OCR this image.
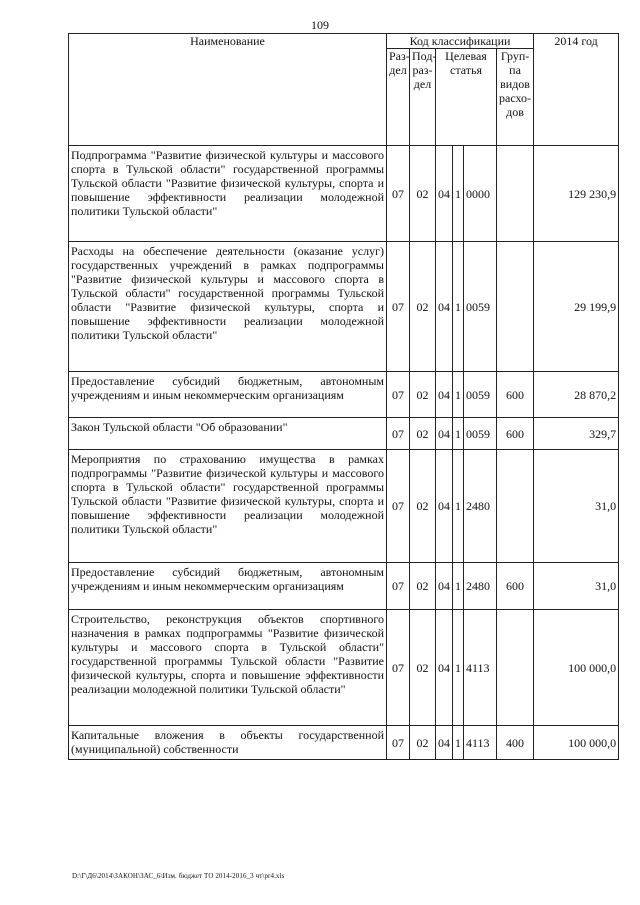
109
Наименование	Код классификации						2014 год
	Раз- дел	Под- раз- дел	Целевая статья			Груп- па видов расхо- дов	
Подпрограмма "Развитие физической культуры и массового спорта в Тульской области" государственной программы Тульской области "Развитие физической культуры, спорта и повышение эффективности реализации молодежной политики Тульской области"	07	02	04	1	0000		129 230,9
Расходы на обеспечение деятельности (оказание услуг) государственных учреждений в рамках подпрограммы "Развитие физической культуры и массового спорта в Тульской области" государственной программы Тульской области "Развитие физической культуры, спорта и повышение эффективности реализации молодежной политики Тульской области"	07	02	04	1	0059		29 199,9
Предоставление субсидий бюджетным, автономным учреждениям и иным некоммерческим организациям	07	02	04	1	0059	600	28 870,2
Закон Тульской области "Об образовании"	07	02	04	1	0059	600	329,7
Мероприятия по страхованию имущества в рамках подпрограммы "Развитие физической культуры и массового спорта в Тульской области" государственной программы Тульской области "Развитие физической культуры, спорта и повышение эффективности реализации молодежной политики Тульской области"	07	02	04	1	2480		31,0
Предоставление субсидий бюджетным, автономным учреждениям и иным некоммерческим организациям	07	02	04	1	2480	600	31,0
Строительство, реконструкция объектов спортивного назначения в рамках подпрограммы "Развитие физической культуры и массового спорта в Тульской области" государственной программы Тульской области "Развитие физической культуры, спорта и повышение эффективности реализации молодежной политики Тульской области"	07	02	04	1	4113		100 000,0
Капитальные вложения в объекты государственной (муниципальной) собственности	07	02	04	1	4113	400	100 000,0
D:\Г\Д6\2014\ЗАКОН\ЗАС_6\Изм. бюджет ТО 2014-2016_3 чт\pr4.xls
